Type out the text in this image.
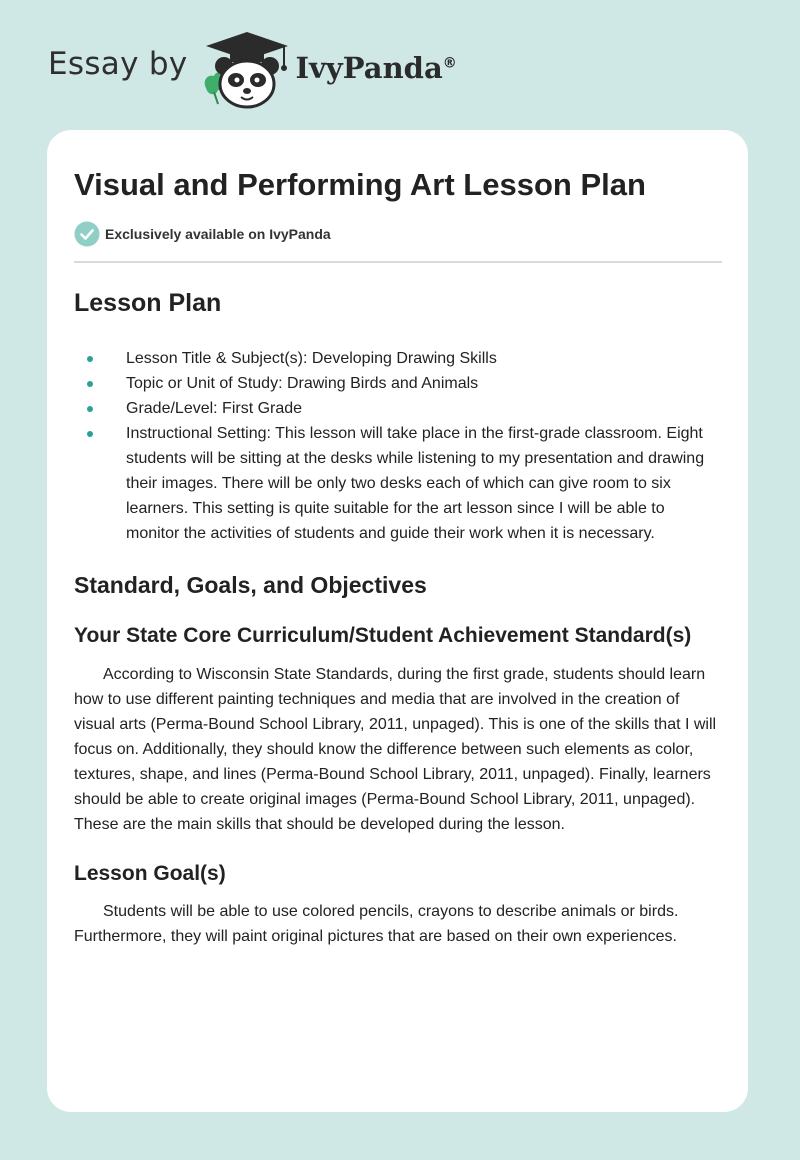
Essay by	IvyPanda®
Visual and Performing Art Lesson Plan
Exclusively available on IvyPanda
Lesson Plan
Lesson Title & Subject(s): Developing Drawing Skills
Topic or Unit of Study: Drawing Birds and Animals
Grade/Level: First Grade
Instructional Setting: This lesson will take place in the first-grade classroom. Eight students will be sitting at the desks while listening to my presentation and drawing their images. There will be only two desks each of which can give room to six learners. This setting is quite suitable for the art lesson since I will be able to monitor the activities of students and guide their work when it is necessary.
Standard, Goals, and Objectives
Your State Core Curriculum/Student Achievement Standard(s)

According to Wisconsin State Standards, during the first grade, students should learn how to use different painting techniques and media that are involved in the creation of visual arts (Perma-Bound School Library, 2011, unpaged). This is one of the skills that I will focus on. Additionally, they should know the difference between such elements as color, textures, shape, and lines (Perma-Bound School Library, 2011, unpaged). Finally, learners should be able to create original images (Perma-Bound School Library, 2011, unpaged). These are the main skills that should be developed during the lesson.

Lesson Goal(s)

Students will be able to use colored pencils, crayons to describe animals or birds. Furthermore, they will paint original pictures that are based on their own experiences.
